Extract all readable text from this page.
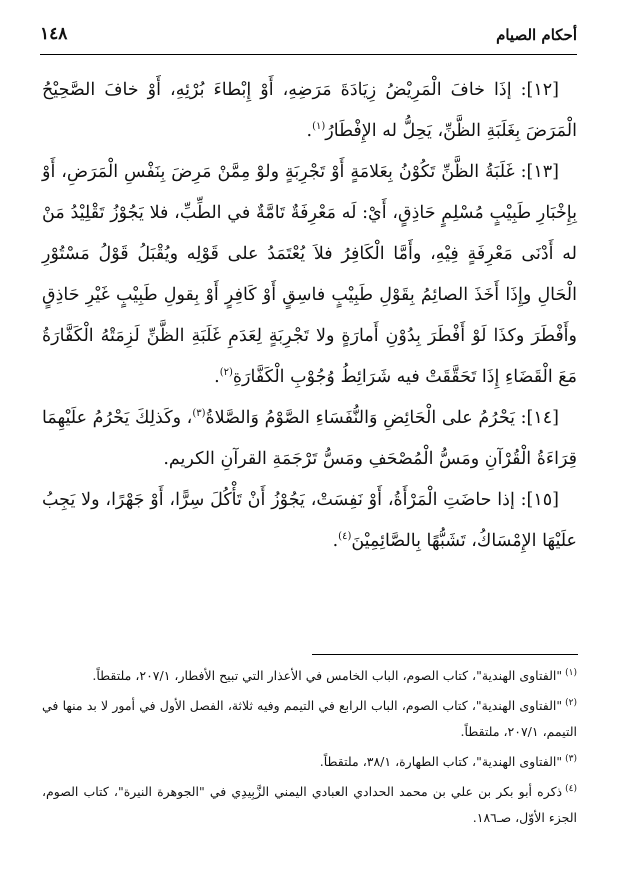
أحكام الصيام
١٤٨

[١٢]: إذَا خافَ الْمَرِيْضُ زِيَادَةَ مَرَضِهِ، أَوْ إِبْطاءَ بُرْئِهِ، أَوْ خافَ الصَّحِيْحُ الْمَرَضَ بِغَلَبَةِ الظَّنِّ، يَحِلُّ له الإِفْطَارُ$^{(١)}$.

[١٣]: غَلَبَةُ الظَّنِّ تَكُوْنُ بِعَلامَةٍ أَوْ تَجْرِبَةٍ ولوْ مِمَّنْ مَرِضَ بِنَفْسِ الْمَرَضِ، أَوْ بِإِخْبَارِ طَبِيْبٍ مُسْلِمٍ حَاذِقٍ، أَيْ: لَه مَعْرِفَةٌ تَامَّةٌ في الطِّبِّ، فلا يَجُوْزُ تَقْلِيْدُ مَنْ له أَدْنَى مَعْرِفَةٍ فِيْهِ، وأَمَّا الْكَافِرُ فلاَ يُعْتَمَدُ على قَوْلِه ويُقْبَلُ قَوْلُ مَسْتُوْرِ الْحَالِ وإِذَا أَخَذَ الصائِمُ بِقَوْلِ طَبِيْبٍ فاسِقٍ أَوْ كَافِرٍ أَوْ بِقولِ طَبِيْبٍ غَيْرِ حَاذِقٍ وأَفْطَرَ وكذَا لَوْ أَفْطَرَ بِدُوْنِ أَمارَةٍ ولا تَجْرِبَةٍ لِعَدَمِ غَلَبَةِ الظَّنِّ لَزِمَتْهُ الْكَفَّارَةُ مَعَ الْقَضَاءِ إِذَا تَحَقَّقَتْ فيه شَرَائِطُ وُجُوْبِ الْكَفَّارَةِ$^{(٢)}$.

[١٤]: يَحْرُمُ على الْحَائِضِ وَالنُّفَسَاءِ الصَّوْمُ وَالصَّلاةُ$^{(٣)}$، وكَذلِكَ يَحْرُمُ علَيْهِمَا قِرَاءَةُ الْقُرْآنِ ومَسُّ الْمُصْحَفِ ومَسُّ تَرْجَمَةِ القرآنِ الكريم.

[١٥]: إذا حاضَتِ الْمَرْأَةُ، أَوْ نَفِسَتْ، يَجُوْزُ أَنْ تَأْكُلَ سِرًّا، أَوْ جَهْرًا، ولا يَجِبُ علَيْهَا الإِمْسَاكُ، تَشَبُّهًا بِالصَّائِمِيْنَ$^{(٤)}$.

$^{(١)}$"الفتاوى الهندية"، كتاب الصوم، الباب الخامس في الأعذار التي تبيح الأفطار، ٢٠٧/١، ملتقطاً.

$^{(٢)}$"الفتاوى الهندية"، كتاب الصوم، الباب الرابع في التيمم وفيه ثلاثة، الفصل الأول في أمور لا بد منها في التيمم، ٢٠٧/١، ملتقطاً.

$^{(٣)}$"الفتاوى الهندية"، كتاب الطهارة، ٣٨/١، ملتقطاً.

$^{(٤)}$ذكره أبو بكر بن علي بن محمد الحدادي العبادي اليمني الزَّبِيدِي في "الجوهرة النيرة"، كتاب الصوم، الجزء الأوّل، صـ١٨٦.
